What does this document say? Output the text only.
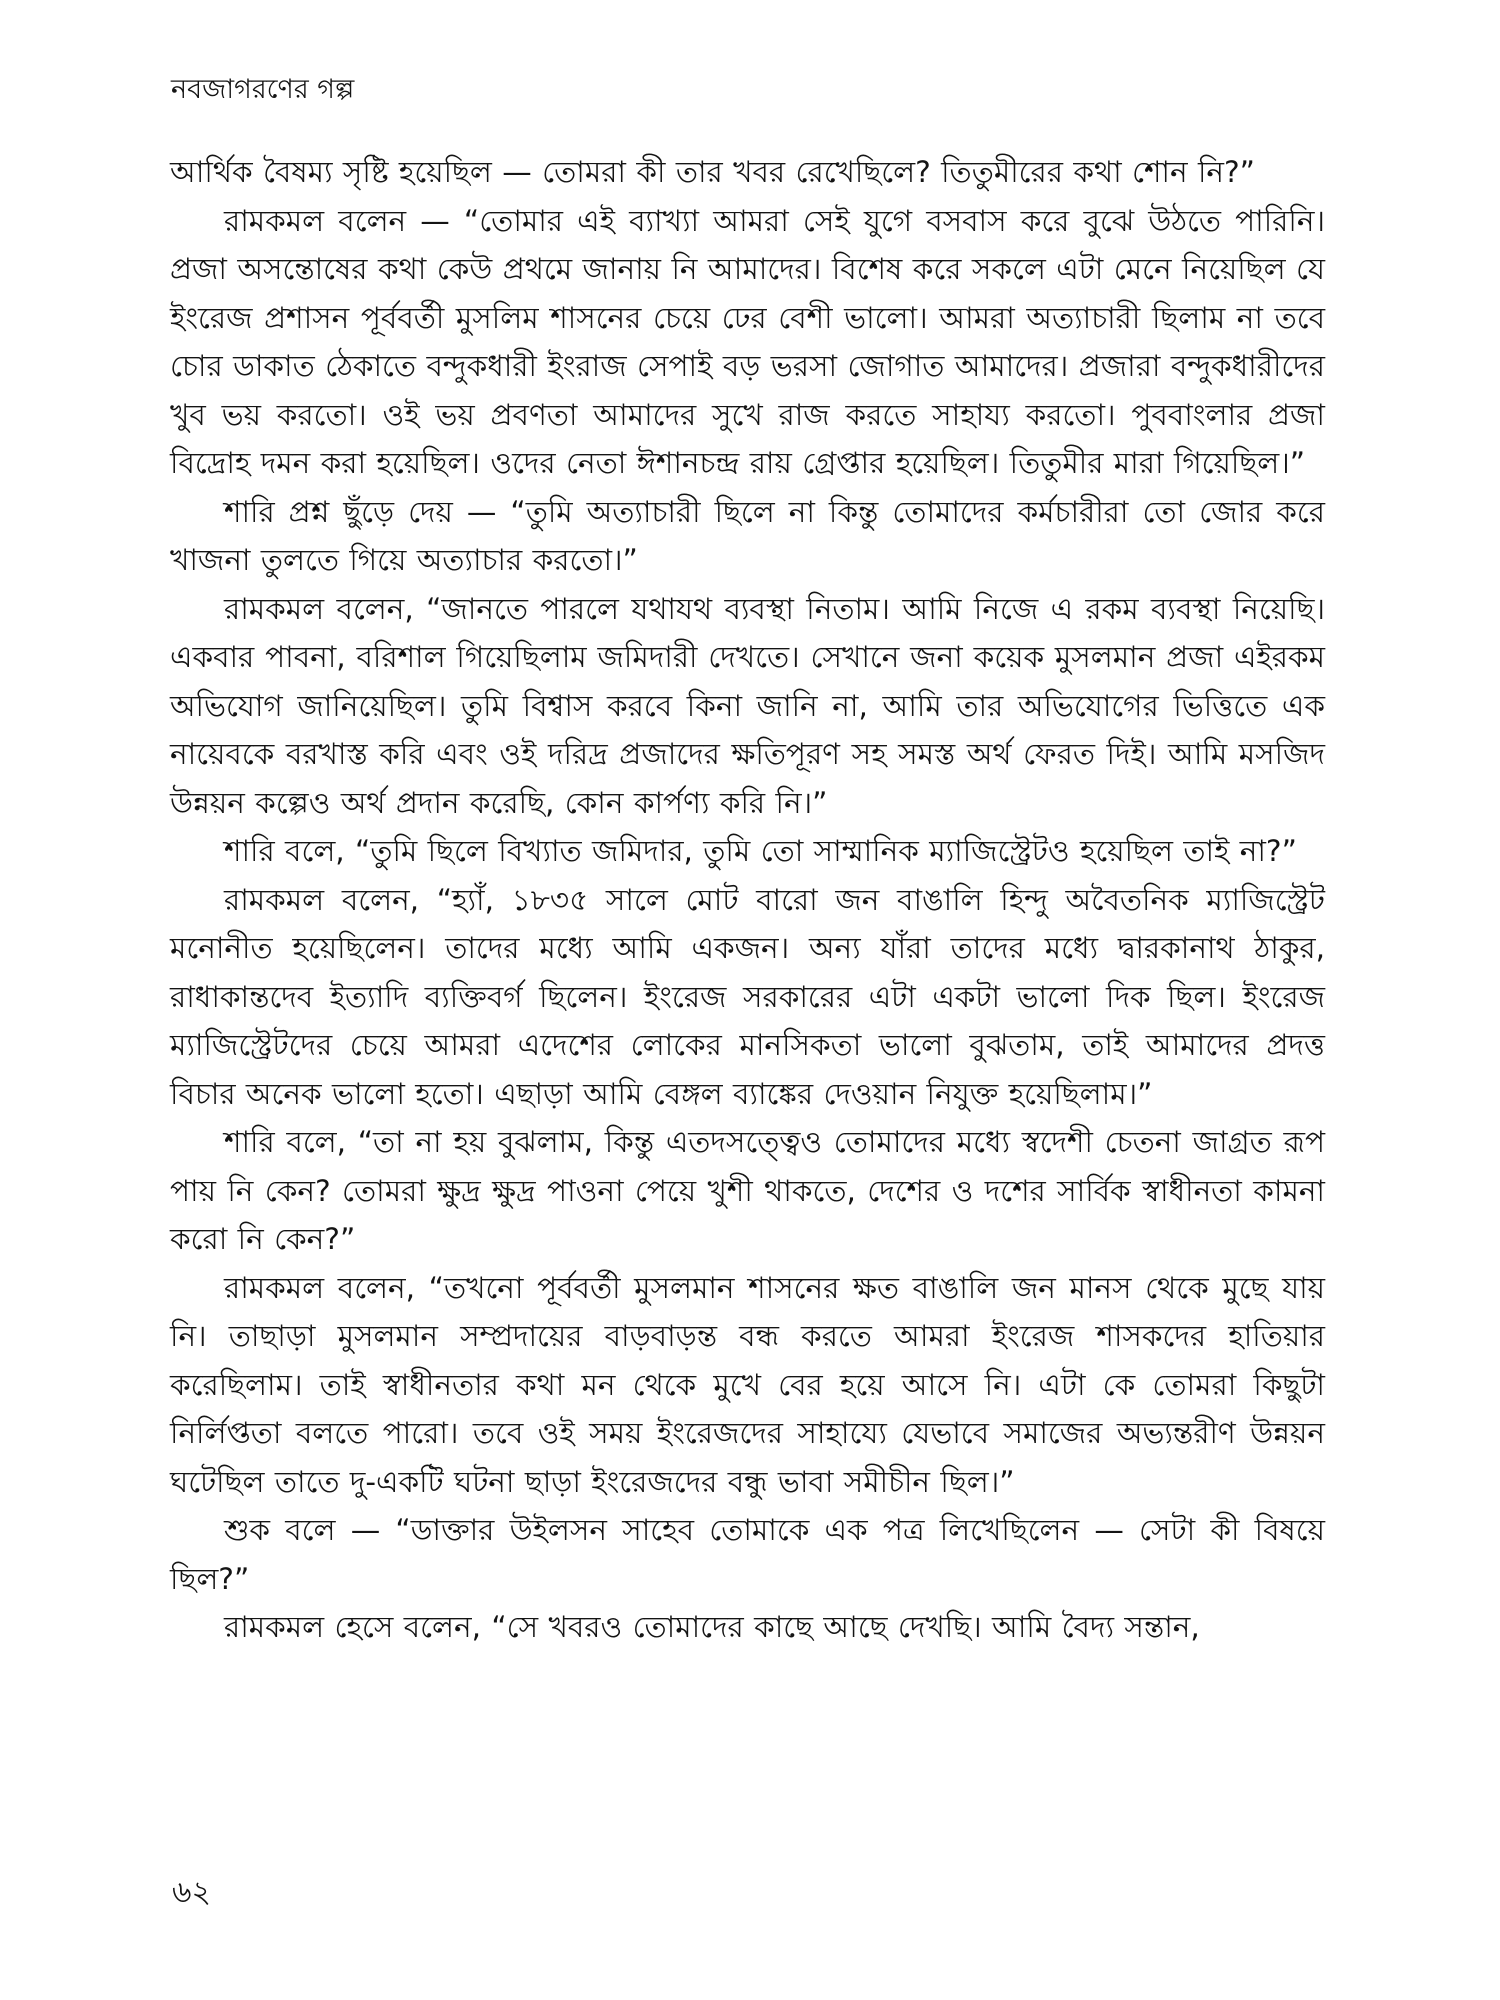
নবজাগরণের গল্প

আর্থিক বৈষম্য সৃষ্টি হয়েছিল — তোমরা কী তার খবর রেখেছিলে? তিতুমীরের কথা শোন নি?”

রামকমল বলেন — “তোমার এই ব্যাখ্যা আমরা সেই যুগে বসবাস করে বুঝে উঠতে পারিনি। প্রজা অসন্তোষের কথা কেউ প্রথমে জানায় নি আমাদের। বিশেষ করে সকলে এটা মেনে নিয়েছিল যে ইংরেজ প্রশাসন পূর্ববর্তী মুসলিম শাসনের চেয়ে ঢের বেশী ভালো। আমরা অত্যাচারী ছিলাম না তবে চোর ডাকাত ঠেকাতে বন্দুকধারী ইংরাজ সেপাই বড় ভরসা জোগাত আমাদের। প্রজারা বন্দুকধারীদের খুব ভয় করতো। ওই ভয় প্রবণতা আমাদের সুখে রাজ করতে সাহায্য করতো। পুববাংলার প্রজা বিদ্রোহ দমন করা হয়েছিল। ওদের নেতা ঈশানচন্দ্র রায় গ্রেপ্তার হয়েছিল। তিতুমীর মারা গিয়েছিল।”

শারি প্রশ্ন ছুঁড়ে দেয় — “তুমি অত্যাচারী ছিলে না কিন্তু তোমাদের কর্মচারীরা তো জোর করে খাজনা তুলতে গিয়ে অত্যাচার করতো।”

রামকমল বলেন, “জানতে পারলে যথাযথ ব্যবস্থা নিতাম। আমি নিজে এ রকম ব্যবস্থা নিয়েছি। একবার পাবনা, বরিশাল গিয়েছিলাম জমিদারী দেখতে। সেখানে জনা কয়েক মুসলমান প্রজা এইরকম অভিযোগ জানিয়েছিল। তুমি বিশ্বাস করবে কিনা জানি না, আমি তার অভিযোগের ভিত্তিতে এক নায়েবকে বরখাস্ত করি এবং ওই দরিদ্র প্রজাদের ক্ষতিপূরণ সহ সমস্ত অর্থ ফেরত দিই। আমি মসজিদ উন্নয়ন কল্পেও অর্থ প্রদান করেছি, কোন কার্পণ্য করি নি।”

শারি বলে, “তুমি ছিলে বিখ্যাত জমিদার, তুমি তো সাম্মানিক ম্যাজিস্ট্রেটও হয়েছিল তাই না?”

রামকমল বলেন, “হ্যাঁ, ১৮৩৫ সালে মোট বারো জন বাঙালি হিন্দু অবৈতনিক ম্যাজিস্ট্রেট মনোনীত হয়েছিলেন। তাদের মধ্যে আমি একজন। অন্য যাঁরা তাদের মধ্যে দ্বারকানাথ ঠাকুর, রাধাকান্তদেব ইত্যাদি ব্যক্তিবর্গ ছিলেন। ইংরেজ সরকারের এটা একটা ভালো দিক ছিল। ইংরেজ ম্যাজিস্ট্রেটদের চেয়ে আমরা এদেশের লোকের মানসিকতা ভালো বুঝতাম, তাই আমাদের প্রদত্ত বিচার অনেক ভালো হতো। এছাড়া আমি বেঙ্গল ব্যাঙ্কের দেওয়ান নিযুক্ত হয়েছিলাম।”

শারি বলে, “তা না হয় বুঝলাম, কিন্তু এতদসত্ত্বেও তোমাদের মধ্যে স্বদেশী চেতনা জাগ্রত রূপ পায় নি কেন? তোমরা ক্ষুদ্র ক্ষুদ্র পাওনা পেয়ে খুশী থাকতে, দেশের ও দশের সার্বিক স্বাধীনতা কামনা করো নি কেন?”

রামকমল বলেন, “তখনো পূর্ববর্তী মুসলমান শাসনের ক্ষত বাঙালি জন মানস থেকে মুছে যায় নি। তাছাড়া মুসলমান সম্প্রদায়ের বাড়বাড়ন্ত বন্ধ করতে আমরা ইংরেজ শাসকদের হাতিয়ার করেছিলাম। তাই স্বাধীনতার কথা মন থেকে মুখে বের হয়ে আসে নি। এটা কে তোমরা কিছুটা নির্লিপ্ততা বলতে পারো। তবে ওই সময় ইংরেজদের সাহায্যে যেভাবে সমাজের অভ্যন্তরীণ উন্নয়ন ঘটেছিল তাতে দু-একটি ঘটনা ছাড়া ইংরেজদের বন্ধু ভাবা সমীচীন ছিল।”

শুক বলে — “ডাক্তার উইলসন সাহেব তোমাকে এক পত্র লিখেছিলেন — সেটা কী বিষয়ে ছিল?”

রামকমল হেসে বলেন, “সে খবরও তোমাদের কাছে আছে দেখছি। আমি বৈদ্য সন্তান,

৬২
